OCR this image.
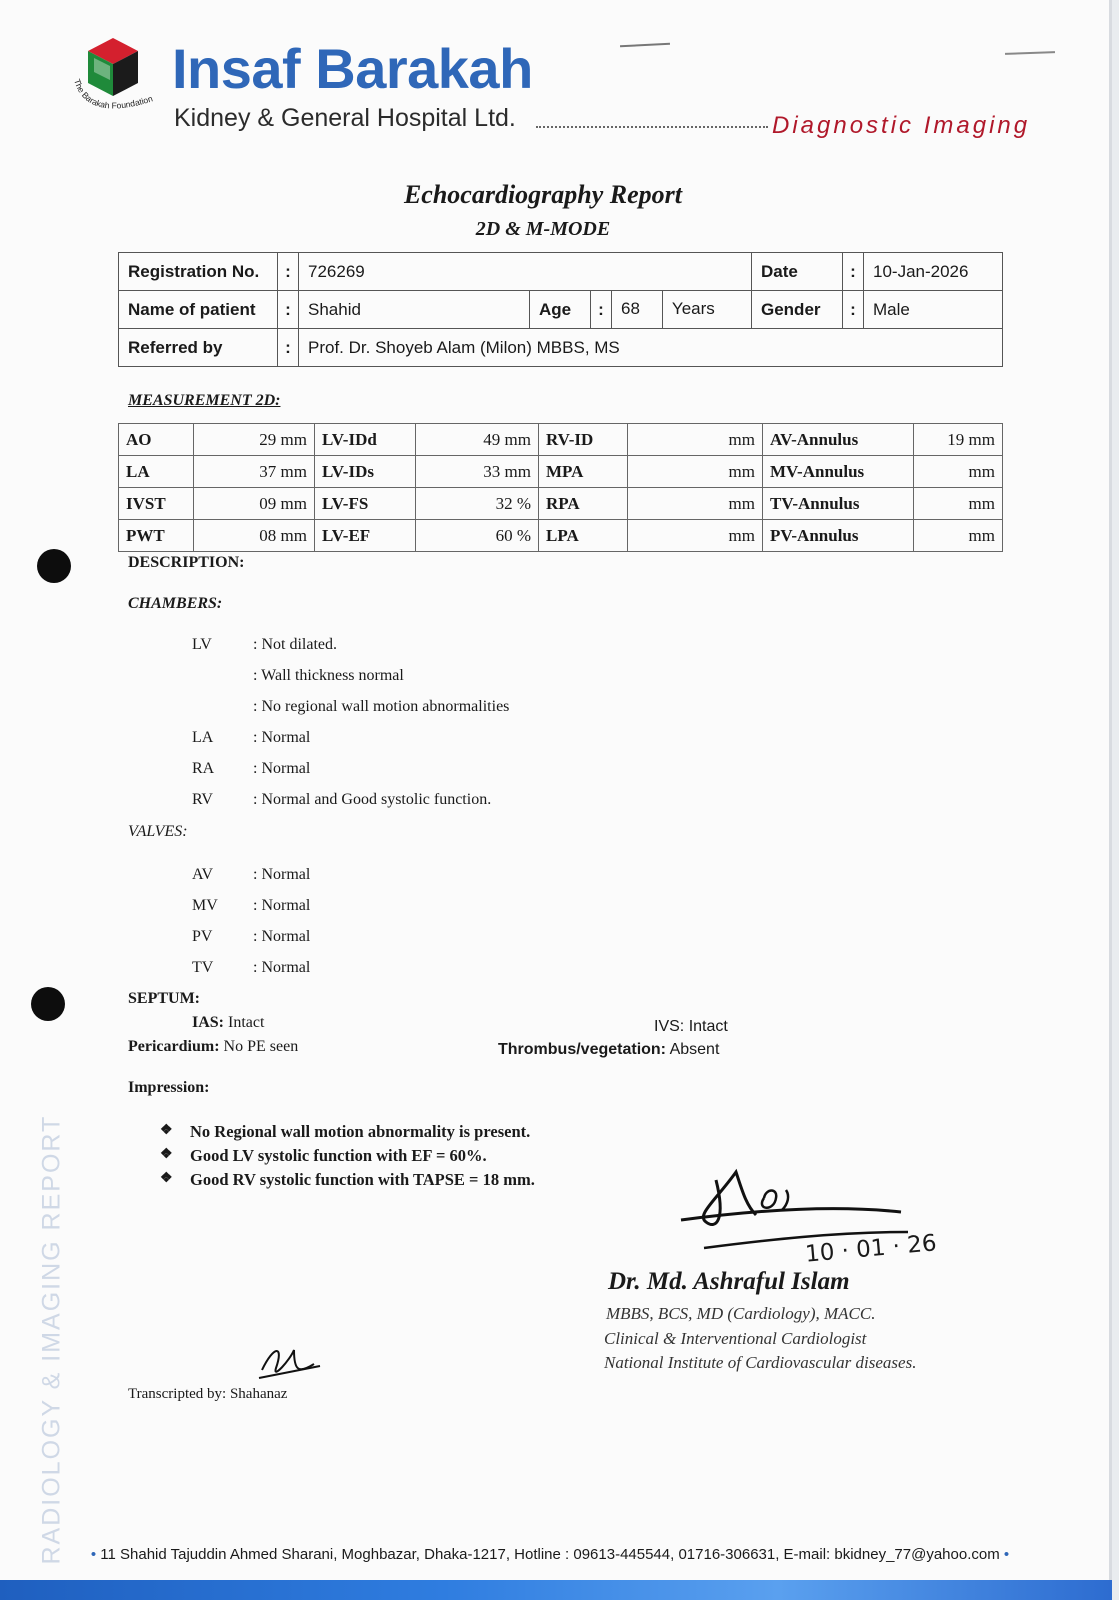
The Barakah Foundation Insaf Barakah
Kidney & General Hospital Ltd.	Diagnostic Imaging
Echocardiography Report
2D & M-MODE
Registration No.	:	726269				Date	:	10-Jan-2026
Name of patient	:	Shahid	Age	:	68 Years	Gender	:	Male
Referred by	:	Prof. Dr. Shoyeb Alam (Milon) MBBS, MS						
MEASUREMENT 2D:
AO	29 mm	LV-IDd	49 mm	RV-ID	mm	AV-Annulus	19 mm
LA	37 mm	LV-IDs	33 mm	MPA	mm	MV-Annulus	mm
IVST	09 mm	LV-FS	32 %	RPA	mm	TV-Annulus	mm
PWT	08 mm	LV-EF	60 %	LPA	mm	PV-Annulus	mm
DESCRIPTION:
CHAMBERS:
LV	: Not dilated.
: Wall thickness normal
: No regional wall motion abnormalities
LA : Normal
RA : Normal
RV	: Normal and Good systolic function.
VALVES:
AV : Normal
MV : Normal
PV	: Normal
TV : Normal
SEPTUM:
IAS: Intact	IVS: Intact
Pericardium: No PE seen	Thrombus/vegetation: Absent
Impression:
❖ No Regional wall motion abnormality is present.
❖ Good LV systolic function with EF = 60%.
❖ Good RV systolic function with TAPSE = 18 mm.
10 · 01 · 26
Dr. Md. Ashraful Islam
MBBS, BCS, MD (Cardiology), MACC.
Clinical & Interventional Cardiologist
National Institute of Cardiovascular diseases.
Transcripted by: Shahanaz
RADIOLOGY & IMAGING REPORT	• 11 Shahid Tajuddin Ahmed Sharani, Moghbazar, Dhaka-1217, Hotline : 09613-445544, 01716-306631, E-mail: bkidney_77@yahoo.com •
